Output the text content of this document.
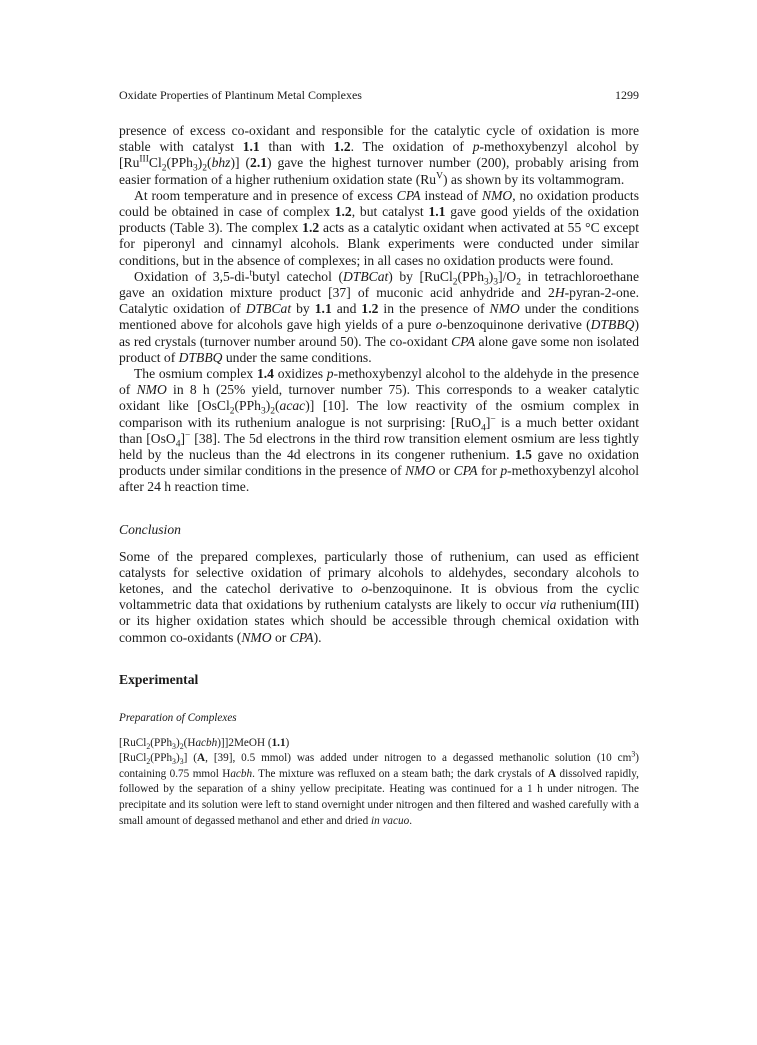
Oxidate Properties of Plantinum Metal Complexes	1299

presence of excess co-oxidant and responsible for the catalytic cycle of oxidation is more stable with catalyst 1.1 than with 1.2. The oxidation of p-methoxybenzyl alcohol by $[Ru^{III}Cl_2(PPh_3)_2(bhz)]$ (2.1) gave the highest turnover number (200), probably arising from easier formation of a higher ruthenium oxidation state $(Ru^V)$ as shown by its voltammogram.

At room temperature and in presence of excess CPA instead of NMO, no oxidation products could be obtained in case of complex 1.2, but catalyst 1.1 gave good yields of the oxidation products (Table 3). The complex 1.2 acts as a catalytic oxidant when activated at 55 °C except for piperonyl and cinnamyl alcohols. Blank experiments were conducted under similar conditions, but in the absence of complexes; in all cases no oxidation products were found.

Oxidation of 3,5-di-$^t$butyl catechol (DTBCat) by $[RuCl_2(PPh_3)_3]/O_2$ in tetrachloroethane gave an oxidation mixture product [37] of muconic acid anhydride and 2H-pyran-2-one. Catalytic oxidation of DTBCat by 1.1 and 1.2 in the presence of NMO under the conditions mentioned above for alcohols gave high yields of a pure o-benzoquinone derivative (DTBBQ) as red crystals (turnover number around 50). The co-oxidant CPA alone gave some non isolated product of DTBBQ under the same conditions.

The osmium complex 1.4 oxidizes p-methoxybenzyl alcohol to the aldehyde in the presence of NMO in 8 h (25% yield, turnover number 75). This corresponds to a weaker catalytic oxidant like $[OsCl_2(PPh_3)_2(acac)]$ [10]. The low reactivity of the osmium complex in comparison with its ruthenium analogue is not surprising: [RuO$_4$]− is a much better oxidant than [OsO$_4$]− [38]. The 5d electrons in the third row transition element osmium are less tightly held by the nucleus than the 4d electrons in its congener ruthenium. 1.5 gave no oxidation products under similar conditions in the presence of NMO or CPA for p-methoxybenzyl alcohol after 24 h reaction time.

Conclusion
Some of the prepared complexes, particularly those of ruthenium, can used as efficient catalysts for selective oxidation of primary alcohols to aldehydes, secondary alcohols to ketones, and the catechol derivative to o-benzoquinone. It is obvious from the cyclic voltammetric data that oxidations by ruthenium catalysts are likely to occur via ruthenium(III) or its higher oxidation states which should be accessible through chemical oxidation with common co-oxidants (NMO or CPA).
Experimental
Preparation of Complexes
$[RuCl_2(PPh_3)_2(Hacbh)]]2MeOH$ (1.1)
$[RuCl_2(PPh_3)_3]$ (A, [39], 0.5 mmol) was added under nitrogen to a degassed methanolic solution (10 $cm^3$) containing 0.75 mmol Hacbh. The mixture was refluxed on a steam bath; the dark crystals of A dissolved rapidly, followed by the separation of a shiny yellow precipitate. Heating was continued for a 1 h under nitrogen. The precipitate and its solution were left to stand overnight under nitrogen and then filtered and washed carefully with a small amount of degassed methanol and ether and dried in vacuo.
